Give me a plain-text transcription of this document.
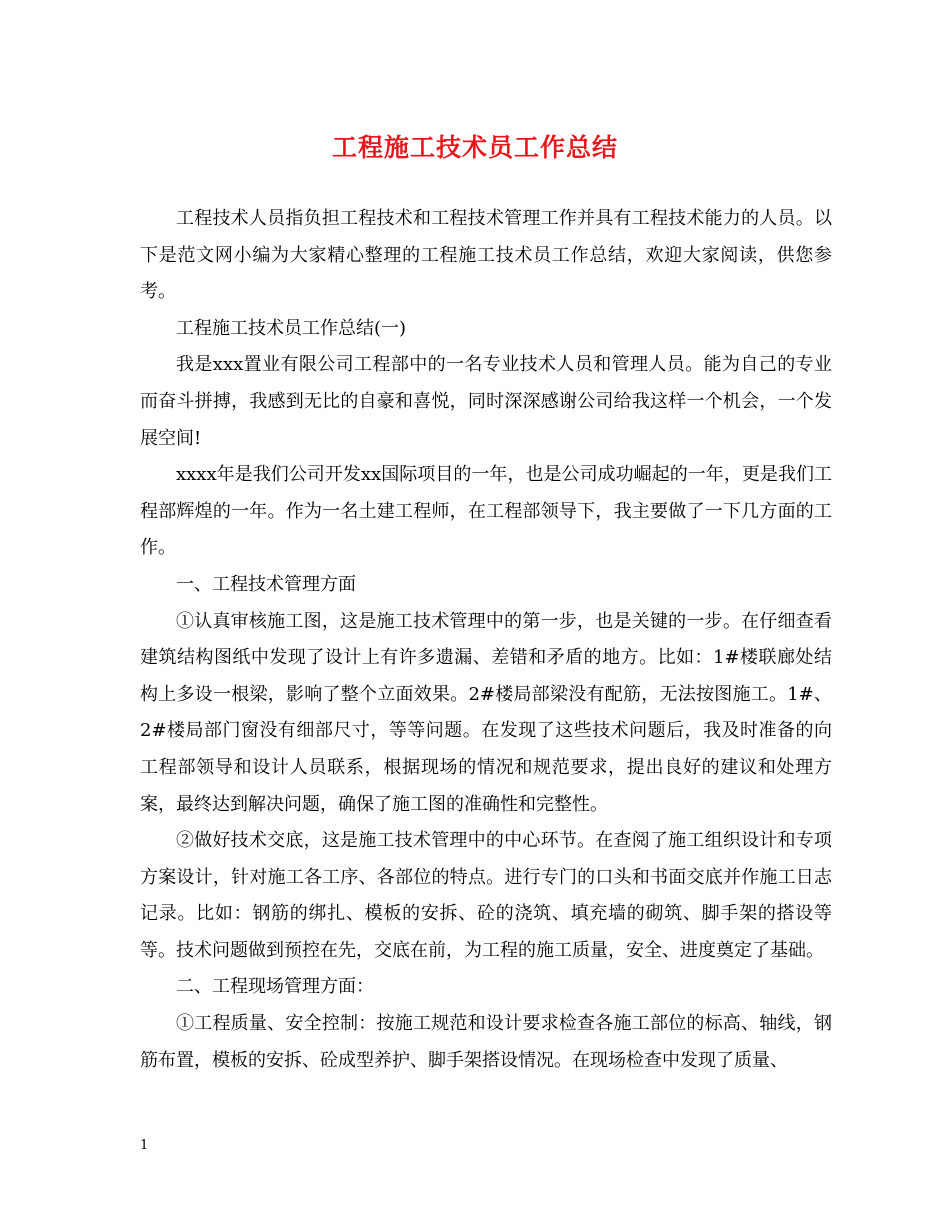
工程施工技术员工作总结

工程技术人员指负担工程技术和工程技术管理工作并具有工程技术能力的人员。以下是范文网小编为大家精心整理的工程施工技术员工作总结，欢迎大家阅读，供您参考。

工程施工技术员工作总结(一)

我是xxx置业有限公司工程部中的一名专业技术人员和管理人员。能为自己的专业而奋斗拼搏，我感到无比的自豪和喜悦，同时深深感谢公司给我这样一个机会，一个发展空间!

xxxx年是我们公司开发xx国际项目的一年，也是公司成功崛起的一年，更是我们工程部辉煌的一年。作为一名土建工程师，在工程部领导下，我主要做了一下几方面的工作。

一、工程技术管理方面

①认真审核施工图，这是施工技术管理中的第一步，也是关键的一步。在仔细查看建筑结构图纸中发现了设计上有许多遗漏、差错和矛盾的地方。比如：1#楼联廊处结构上多设一根梁，影响了整个立面效果。2#楼局部梁没有配筋，无法按图施工。1#、2#楼局部门窗没有细部尺寸，等等问题。在发现了这些技术问题后，我及时准备的向工程部领导和设计人员联系，根据现场的情况和规范要求，提出良好的建议和处理方案，最终达到解决问题，确保了施工图的准确性和完整性。

②做好技术交底，这是施工技术管理中的中心环节。在查阅了施工组织设计和专项方案设计，针对施工各工序、各部位的特点。进行专门的口头和书面交底并作施工日志记录。比如：钢筋的绑扎、模板的安拆、砼的浇筑、填充墙的砌筑、脚手架的搭设等等。技术问题做到预控在先，交底在前，为工程的施工质量，安全、进度奠定了基础。

二、工程现场管理方面：

①工程质量、安全控制：按施工规范和设计要求检查各施工部位的标高、轴线，钢筋布置，模板的安拆、砼成型养护、脚手架搭设情况。在现场检查中发现了质量、

1
